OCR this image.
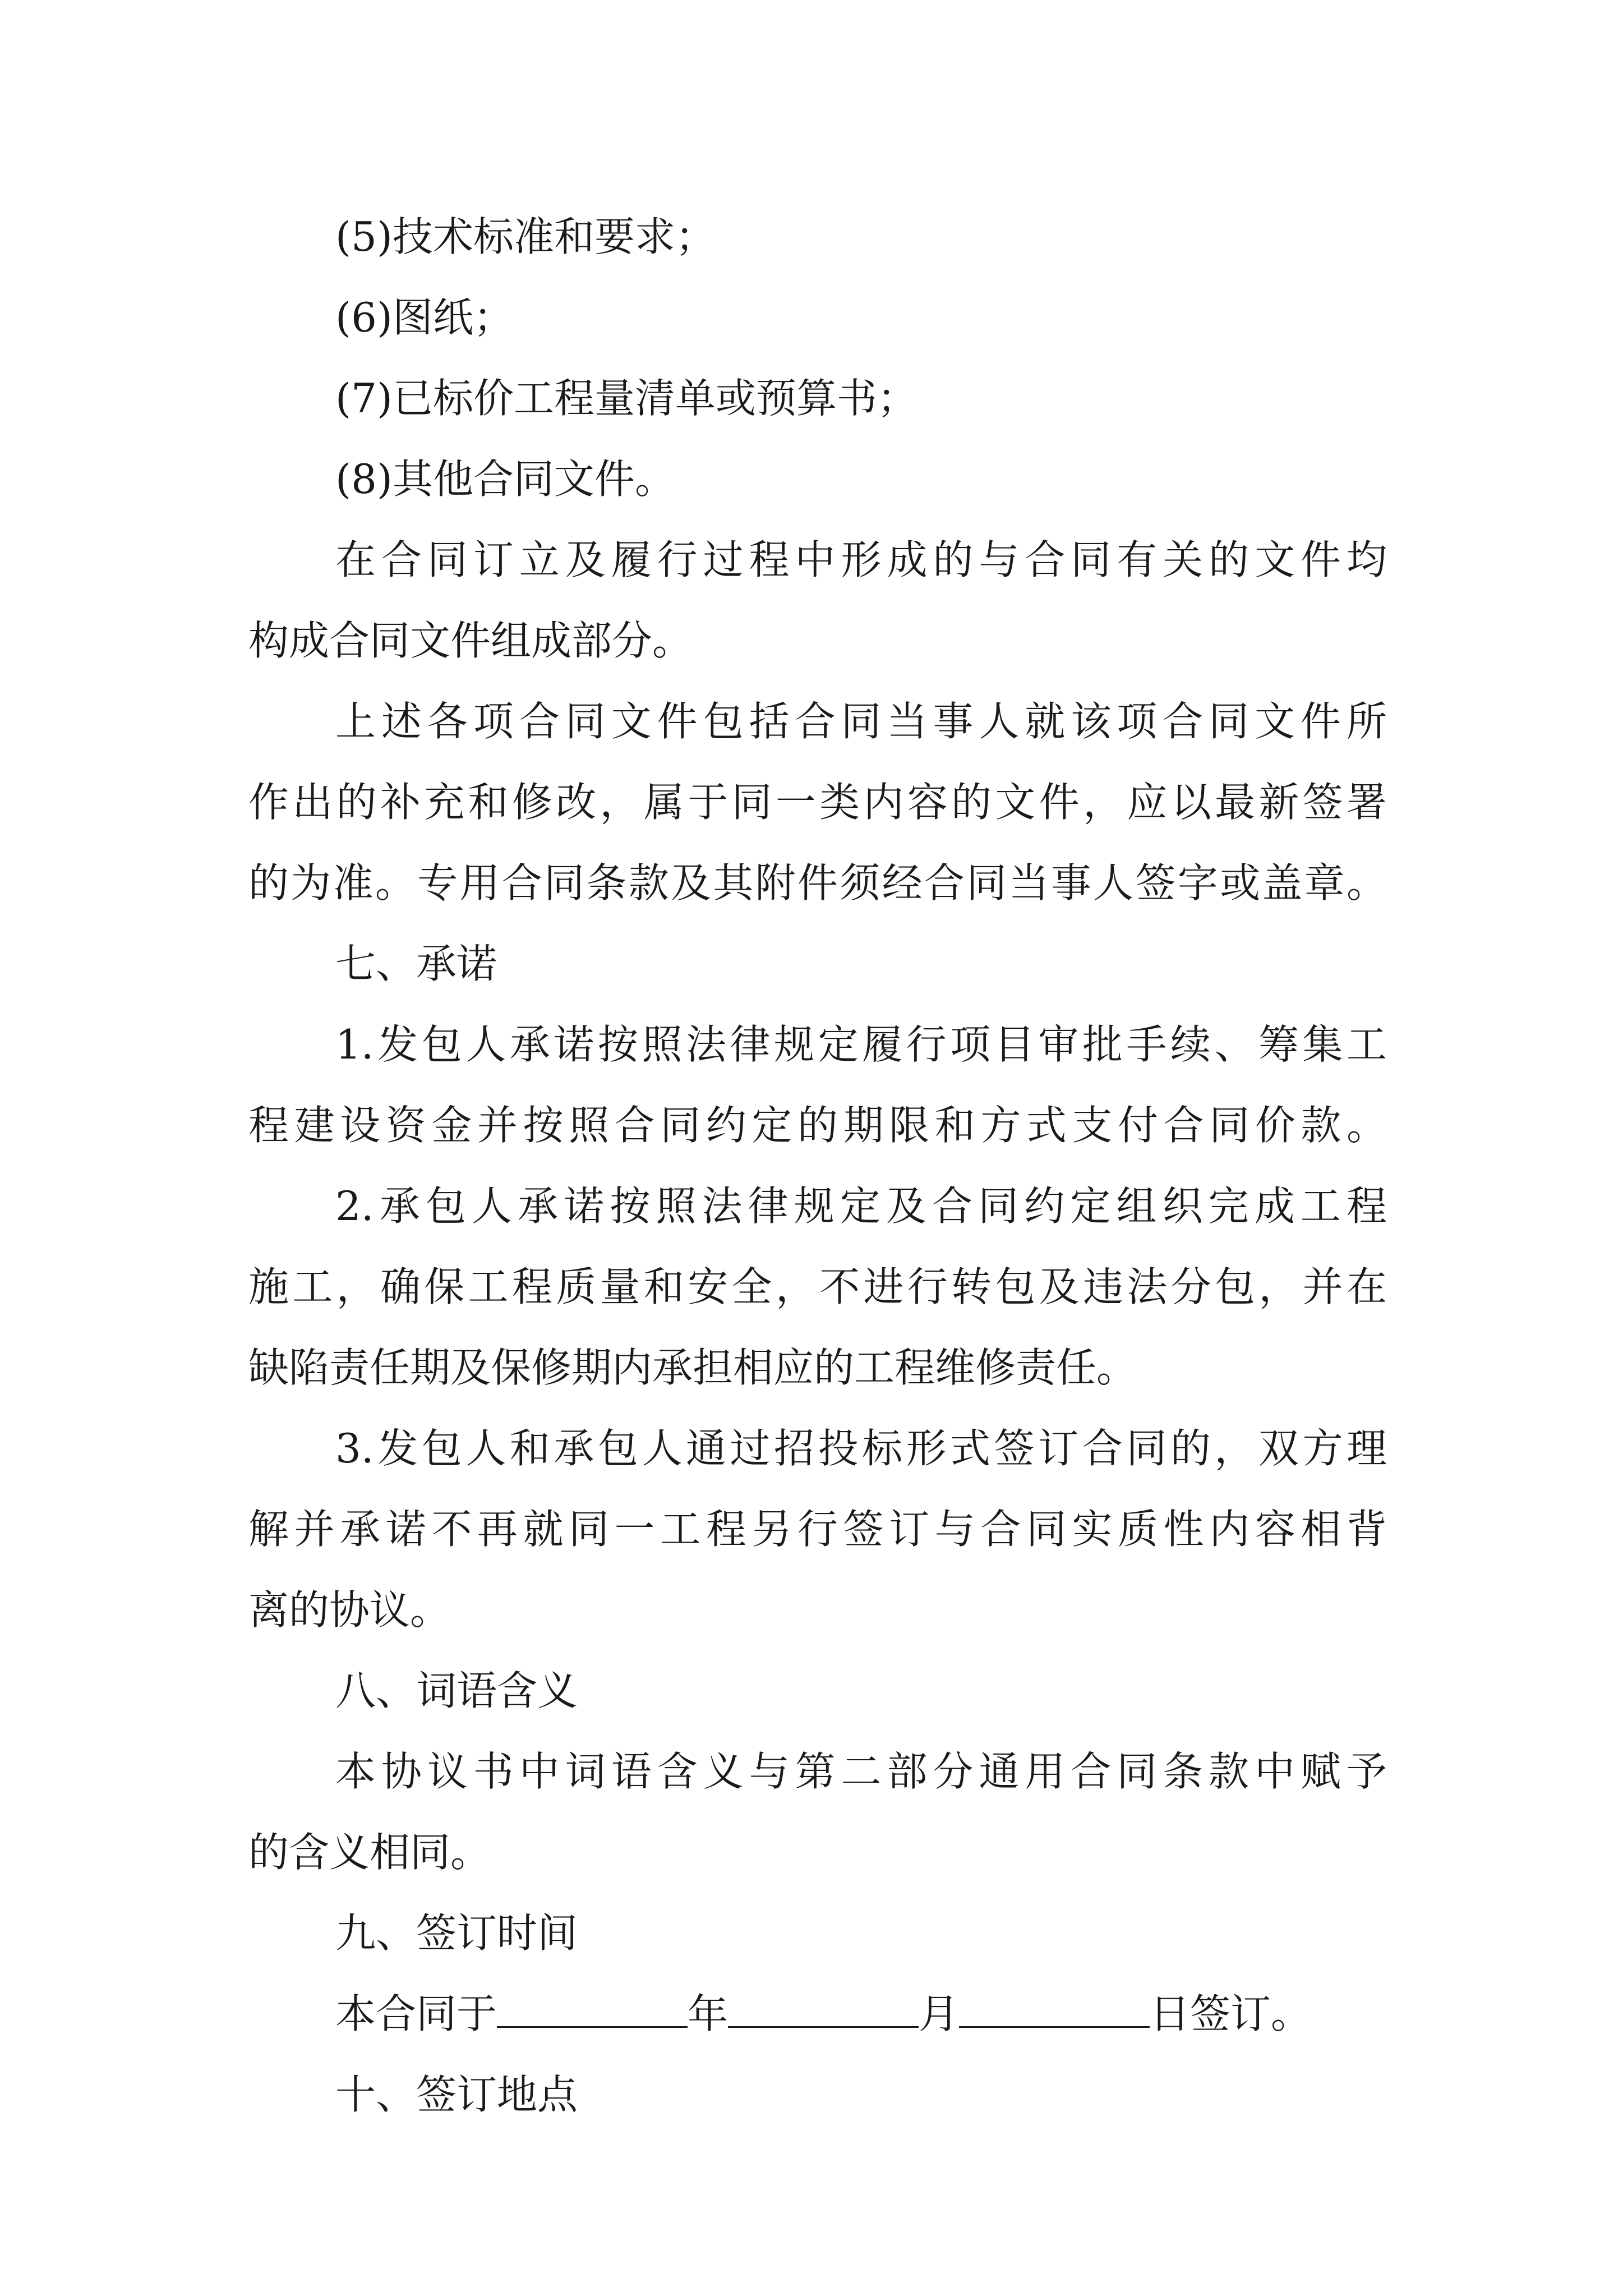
(5)技术标准和要求；

(6)图纸；

(7)已标价工程量清单或预算书；

(8)其他合同文件。

在合同订立及履行过程中形成的与合同有关的文件均

构成合同文件组成部分。

上述各项合同文件包括合同当事人就该项合同文件所

作出的补充和修改，属于同一类内容的文件，应以最新签署

的为准。专用合同条款及其附件须经合同当事人签字或盖章。

七、承诺

1.发包人承诺按照法律规定履行项目审批手续、筹集工

程建设资金并按照合同约定的期限和方式支付合同价款。

2.承包人承诺按照法律规定及合同约定组织完成工程

施工，确保工程质量和安全，不进行转包及违法分包，并在

缺陷责任期及保修期内承担相应的工程维修责任。

3.发包人和承包人通过招投标形式签订合同的，双方理

解并承诺不再就同一工程另行签订与合同实质性内容相背

离的协议。

八、词语含义

本协议书中词语含义与第二部分通用合同条款中赋予

的含义相同。

九、签订时间

本合同于	年	月	日签订。

十、签订地点
